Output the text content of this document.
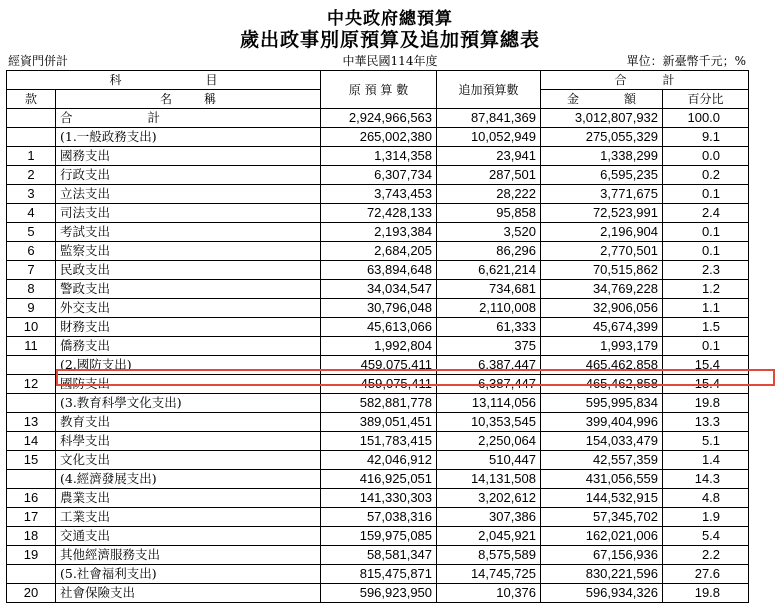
中央政府總預算
歲出政事別原預算及追加預算總表
經資門併計	中華民國114年度	單位：新臺幣千元；%
科　　　　　　　目		原 預 算 數	追加預算數	合　　　計	
款	名 稱			金 額	百分比
	合　　　　　　計	2,924,966,563	87,841,369	3,012,807,932	100.0
	(1.一般政務支出)	265,002,380	10,052,949	275,055,329	9.1
1	國務支出	1,314,358	23,941	1,338,299	0.0
2	行政支出	6,307,734	287,501	6,595,235	0.2
3	立法支出	3,743,453	28,222	3,771,675	0.1
4	司法支出	72,428,133	95,858	72,523,991	2.4
5	考試支出	2,193,384	3,520	2,196,904	0.1
6	監察支出	2,684,205	86,296	2,770,501	0.1
7	民政支出	63,894,648	6,621,214	70,515,862	2.3
8	警政支出	34,034,547	734,681	34,769,228	1.2
9	外交支出	30,796,048	2,110,008	32,906,056	1.1
10	財務支出	45,613,066	61,333	45,674,399	1.5
11	僑務支出	1,992,804	375	1,993,179	0.1
	(2.國防支出)	459,075,411	6,387,447	465,462,858	15.4
12	國防支出	459,075,411	6,387,447	465,462,858	15.4
	(3.教育科學文化支出)	582,881,778	13,114,056	595,995,834	19.8
13	教育支出	389,051,451	10,353,545	399,404,996	13.3
14	科學支出	151,783,415	2,250,064	154,033,479	5.1
15	文化支出	42,046,912	510,447	42,557,359	1.4
	(4.經濟發展支出)	416,925,051	14,131,508	431,056,559	14.3
16	農業支出	141,330,303	3,202,612	144,532,915	4.8
17	工業支出	57,038,316	307,386	57,345,702	1.9
18	交通支出	159,975,085	2,045,921	162,021,006	5.4
19	其他經濟服務支出	58,581,347	8,575,589	67,156,936	2.2
	(5.社會福利支出)	815,475,871	14,745,725	830,221,596	27.6
20	社會保險支出	596,923,950	10,376	596,934,326	19.8
